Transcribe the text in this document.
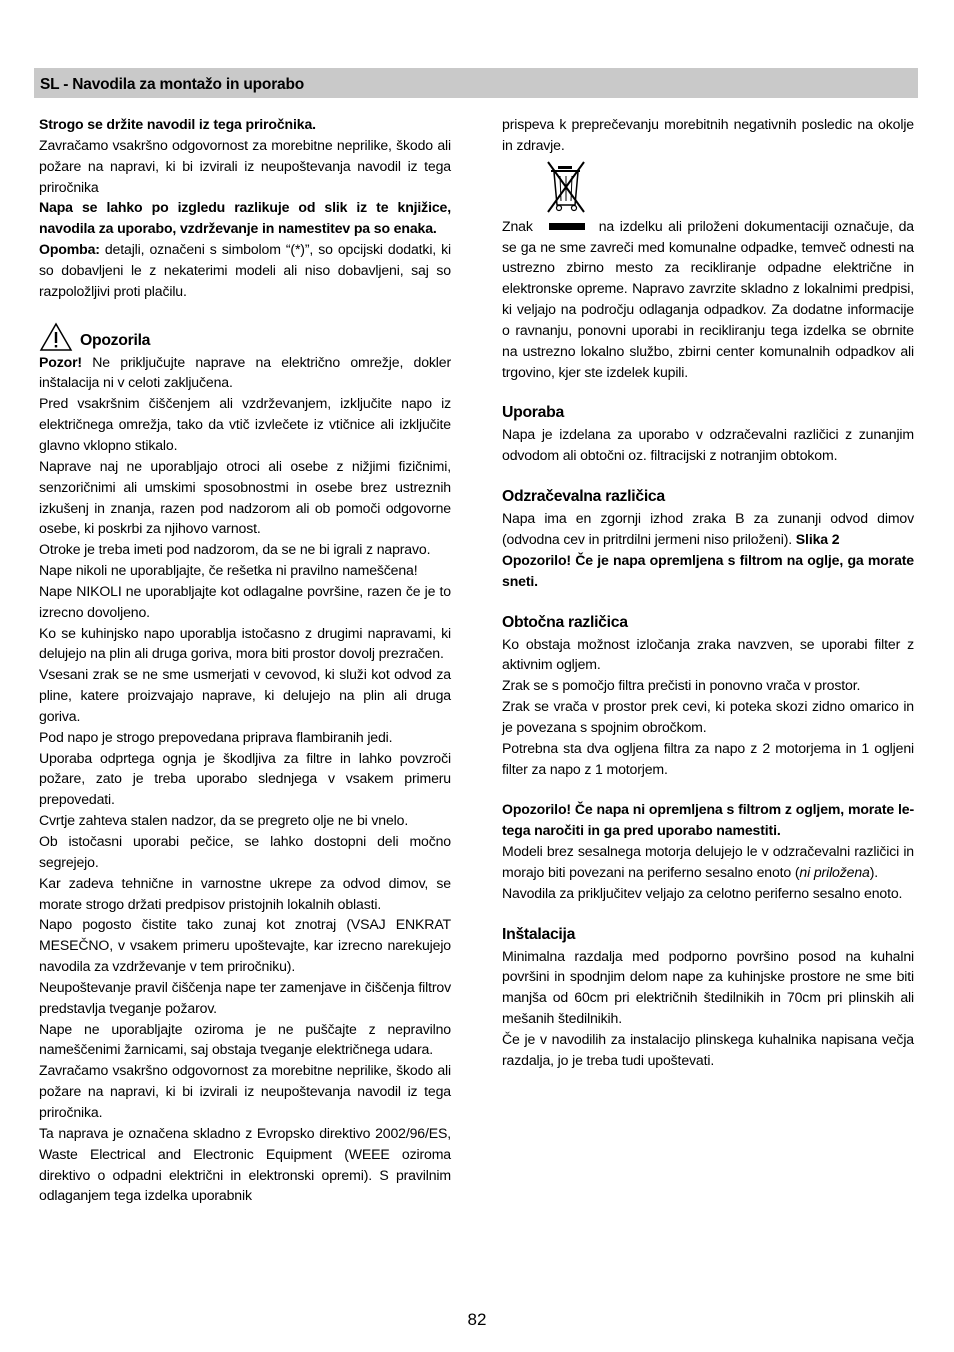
SL - Navodila za montažo in uporabo

Strogo se držite navodil iz tega priročnika.

Zavračamo vsakršno odgovornost za morebitne neprilike, škodo ali požare na napravi, ki bi izvirali iz neupoštevanja navodil iz tega priročnika

Napa se lahko po izgledu razlikuje od slik iz te knjižice, navodila za uporabo, vzdrževanje in namestitev pa so enaka.

Opomba: detajli, označeni s simbolom “(*)”, so opcijski dodatki, ki so dobavljeni le z nekaterimi modeli ali niso dobavljeni, saj so razpoložljivi proti plačilu.

Opozorila

Pozor! Ne priključujte naprave na električno omrežje, dokler inštalacija ni v celoti zaključena.

Pred vsakršnim čiščenjem ali vzdrževanjem, izključite napo iz električnega omrežja, tako da vtič izvlečete iz vtičnice ali izključite glavno vklopno stikalo.

Naprave naj ne uporabljajo otroci ali osebe z nižjimi fizičnimi, senzoričnimi ali umskimi sposobnostmi in osebe brez ustreznih izkušenj in znanja, razen pod nadzorom ali ob pomoči odgovorne osebe, ki poskrbi za njihovo varnost.

Otroke je treba imeti pod nadzorom, da se ne bi igrali z napravo.

Nape nikoli ne uporabljajte, če rešetka ni pravilno nameščena!

Nape NIKOLI ne uporabljajte kot odlagalne površine, razen če je to izrecno dovoljeno.

Ko se kuhinjsko napo uporablja istočasno z drugimi napravami, ki delujejo na plin ali druga goriva, mora biti prostor dovolj prezračen.

Vsesani zrak se ne sme usmerjati v cevovod, ki služi kot odvod za pline, katere proizvajajo naprave, ki delujejo na plin ali druga goriva.

Pod napo je strogo prepovedana priprava flambiranih jedi.

Uporaba odprtega ognja je škodljiva za filtre in lahko povzroči požare, zato je treba uporabo slednjega v vsakem primeru prepovedati.

Cvrtje zahteva stalen nadzor, da se pregreto olje ne bi vnelo.

Ob istočasni uporabi pečice, se lahko dostopni deli močno segrejejo.

Kar zadeva tehnične in varnostne ukrepe za odvod dimov, se morate strogo držati predpisov pristojnih lokalnih oblasti.

Napo pogosto čistite tako zunaj kot znotraj (VSAJ ENKRAT MESEČNO, v vsakem primeru upoštevajte, kar izrecno narekujejo navodila za vzdrževanje v tem priročniku).

Neupoštevanje pravil čiščenja nape ter zamenjave in čiščenja filtrov predstavlja tveganje požarov.

Nape ne uporabljajte oziroma je ne puščajte z nepravilno nameščenimi žarnicami, saj obstaja tveganje električnega udara.

Zavračamo vsakršno odgovornost za morebitne neprilike, škodo ali požare na napravi, ki bi izvirali iz neupoštevanja navodil iz tega priročnika.

Ta naprava je označena skladno z Evropsko direktivo 2002/96/ES, Waste Electrical and Electronic Equipment (WEEE oziroma direktivo o odpadni električni in elektronski opremi). S pravilnim odlaganjem tega izdelka uporabnik

prispeva k preprečevanju morebitnih negativnih posledic na okolje in zdravje.

Znak	na izdelku ali priloženi dokumentaciji označuje, da se ga ne sme zavreči med komunalne odpadke, temveč odnesti na ustrezno zbirno mesto za recikliranje odpadne električne in elektronske opreme. Napravo zavrzite skladno z lokalnimi predpisi, ki veljajo na področju odlaganja odpadkov. Za dodatne informacije o ravnanju, ponovni uporabi in recikliranju tega izdelka se obrnite na ustrezno lokalno službo, zbirni center komunalnih odpadkov ali trgovino, kjer ste izdelek kupili.

Uporaba

Napa je izdelana za uporabo v odzračevalni različici z zunanjim odvodom ali obtočni oz. filtracijski z notranjim obtokom.

Odzračevalna različica

Napa ima en zgornji izhod zraka B za zunanji odvod dimov (odvodna cev in pritrdilni jermeni niso priloženi). Slika 2

Opozorilo! Če je napa opremljena s filtrom na oglje, ga morate sneti.

Obtočna različica

Ko obstaja možnost izločanja zraka navzven, se uporabi filter z aktivnim ogljem.

Zrak se s pomočjo filtra prečisti in ponovno vrača v prostor.

Zrak se vrača v prostor prek cevi, ki poteka skozi zidno omarico in je povezana s spojnim obročkom.

Potrebna sta dva ogljena filtra za napo z 2 motorjema in 1 ogljeni filter za napo z 1 motorjem.

Opozorilo! Če napa ni opremljena s filtrom z ogljem, morate le-tega naročiti in ga pred uporabo namestiti.

Modeli brez sesalnega motorja delujejo le v odzračevalni različici in morajo biti povezani na periferno sesalno enoto (ni priložena).

Navodila za priključitev veljajo za celotno periferno sesalno enoto.

Inštalacija

Minimalna razdalja med podporno površino posod na kuhalni površini in spodnjim delom nape za kuhinjske prostore ne sme biti manjša od 60cm pri električnih štedilnikih in 70cm pri plinskih ali mešanih štedilnikih.

Če je v navodilih za instalacijo plinskega kuhalnika napisana večja razdalja, jo je treba tudi upoštevati.

82
